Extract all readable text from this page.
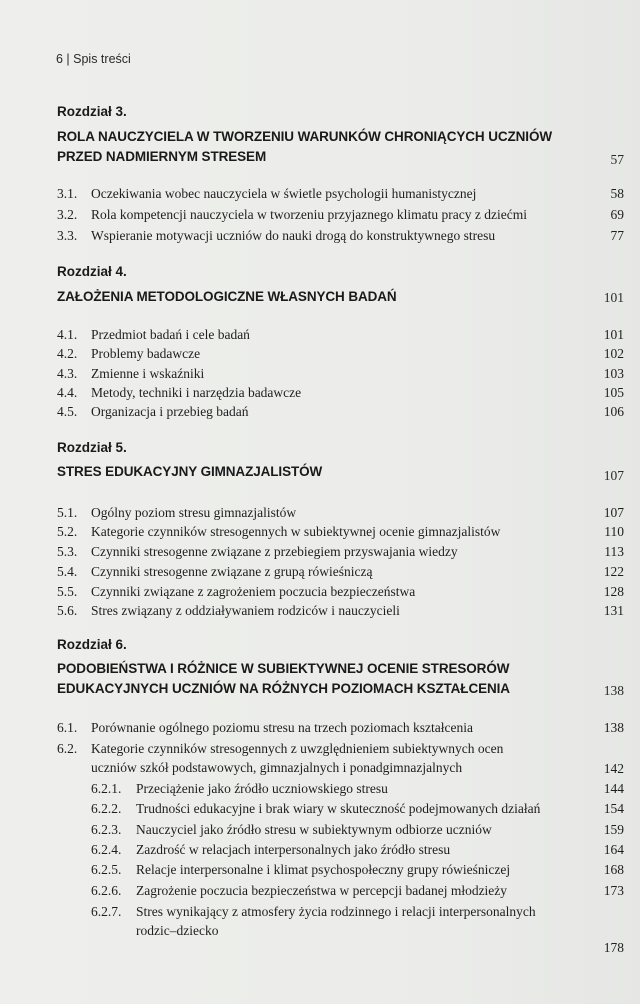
6 | Spis treści
Rozdział 3.
ROLA NAUCZYCIELA W TWORZENIU WARUNKÓW CHRONIĄCYCH UCZNIÓW
PRZED NADMIERNYM STRESEM	57
3.1. Oczekiwania wobec nauczyciela w świetle psychologii humanistycznej	58
3.2. Rola kompetencji nauczyciela w tworzeniu przyjaznego klimatu pracy z dziećmi	69
3.3. Wspieranie motywacji uczniów do nauki drogą do konstruktywnego stresu	77
Rozdział 4.
ZAŁOŻENIA METODOLOGICZNE WŁASNYCH BADAŃ	101
4.1. Przedmiot badań i cele badań	101
4.2. Problemy badawcze	102
4.3. Zmienne i wskaźniki	103
4.4. Metody, techniki i narzędzia badawcze	105
4.5. Organizacja i przebieg badań	106
Rozdział 5.
STRES EDUKACYJNY GIMNAZJALISTÓW	107
5.1. Ogólny poziom stresu gimnazjalistów	107
5.2. Kategorie czynników stresogennych w subiektywnej ocenie gimnazjalistów	110
5.3. Czynniki stresogenne związane z przebiegiem przyswajania wiedzy	113
5.4. Czynniki stresogenne związane z grupą rówieśniczą	122
5.5. Czynniki związane z zagrożeniem poczucia bezpieczeństwa	128
5.6. Stres związany z oddziaływaniem rodziców i nauczycieli	131
Rozdział 6.
PODOBIEŃSTWA I RÓŻNICE W SUBIEKTYWNEJ OCENIE STRESORÓW
EDUKACYJNYCH UCZNIÓW NA RÓŻNYCH POZIOMACH KSZTAŁCENIA	138
6.1. Porównanie ogólnego poziomu stresu na trzech poziomach kształcenia	138
6.2. Kategorie czynników stresogennych z uwzględnieniem subiektywnych ocen
uczniów szkół podstawowych, gimnazjalnych i ponadgimnazjalnych	142
6.2.1. Przeciążenie jako źródło uczniowskiego stresu	144
6.2.2. Trudności edukacyjne i brak wiary w skuteczność podejmowanych działań	154
6.2.3. Nauczyciel jako źródło stresu w subiektywnym odbiorze uczniów	159
6.2.4. Zazdrość w relacjach interpersonalnych jako źródło stresu	164
6.2.5. Relacje interpersonalne i klimat psychospołeczny grupy rówieśniczej	168
6.2.6. Zagrożenie poczucia bezpieczeństwa w percepcji badanej młodzieży	173
6.2.7. Stres wynikający z atmosfery życia rodzinnego i relacji interpersonalnych
rodzic–dziecko
178
